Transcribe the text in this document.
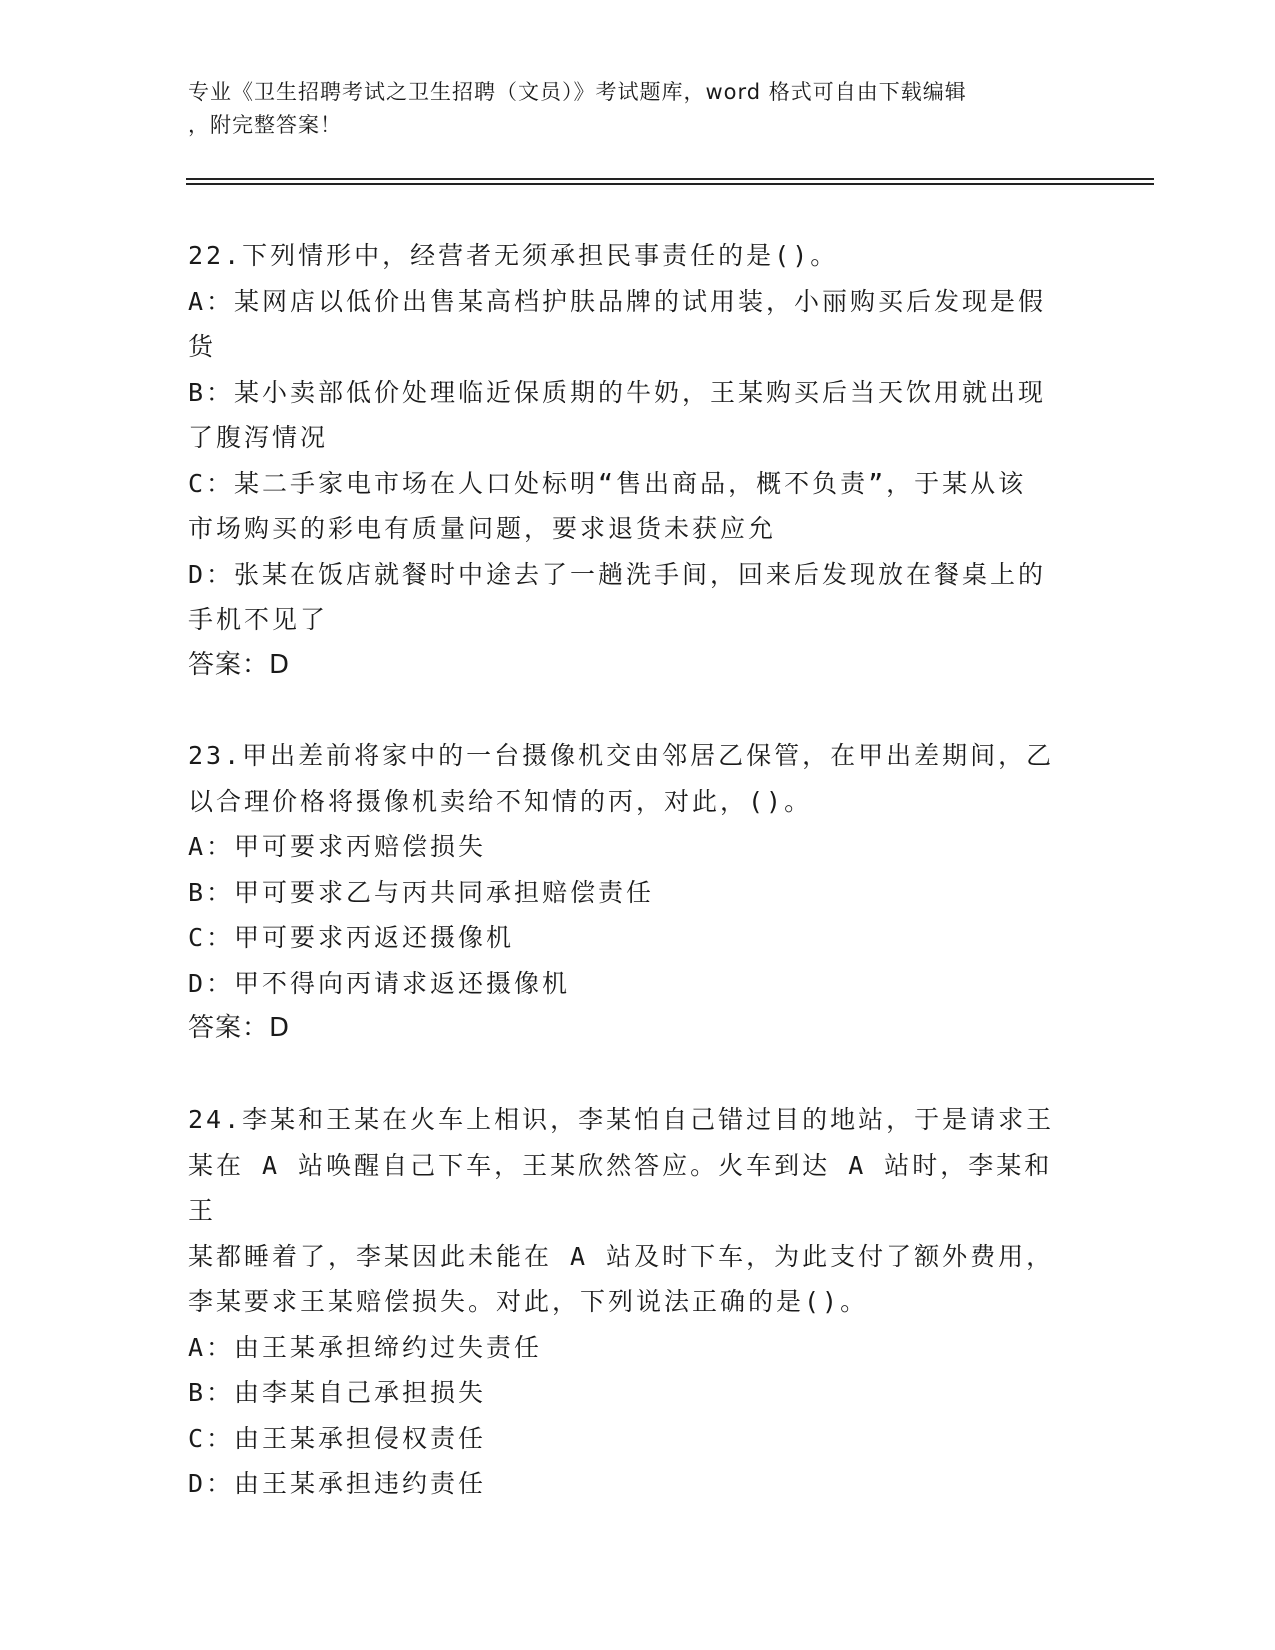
专业《卫生招聘考试之卫生招聘（文员）》考试题库，word 格式可自由下载编辑
，附完整答案！

22.下列情形中，经营者无须承担民事责任的是()。

A：某网店以低价出售某高档护肤品牌的试用装，小丽购买后发现是假

货

B：某小卖部低价处理临近保质期的牛奶，王某购买后当天饮用就出现

了腹泻情况

C：某二手家电市场在人口处标明“售出商品，概不负责”，于某从该

市场购买的彩电有质量问题，要求退货未获应允

D：张某在饭店就餐时中途去了一趟洗手间，回来后发现放在餐桌上的

手机不见了

答案：D

23.甲出差前将家中的一台摄像机交由邻居乙保管，在甲出差期间，乙

以合理价格将摄像机卖给不知情的丙，对此，()。

A：甲可要求丙赔偿损失

B：甲可要求乙与丙共同承担赔偿责任

C：甲可要求丙返还摄像机

D：甲不得向丙请求返还摄像机

答案：D

24.李某和王某在火车上相识，李某怕自己错过目的地站，于是请求王

某在 A 站唤醒自己下车，王某欣然答应。火车到达 A 站时，李某和王

某都睡着了，李某因此未能在 A 站及时下车，为此支付了额外费用，

李某要求王某赔偿损失。对此，下列说法正确的是()。

A：由王某承担缔约过失责任

B：由李某自己承担损失

C：由王某承担侵权责任

D：由王某承担违约责任
